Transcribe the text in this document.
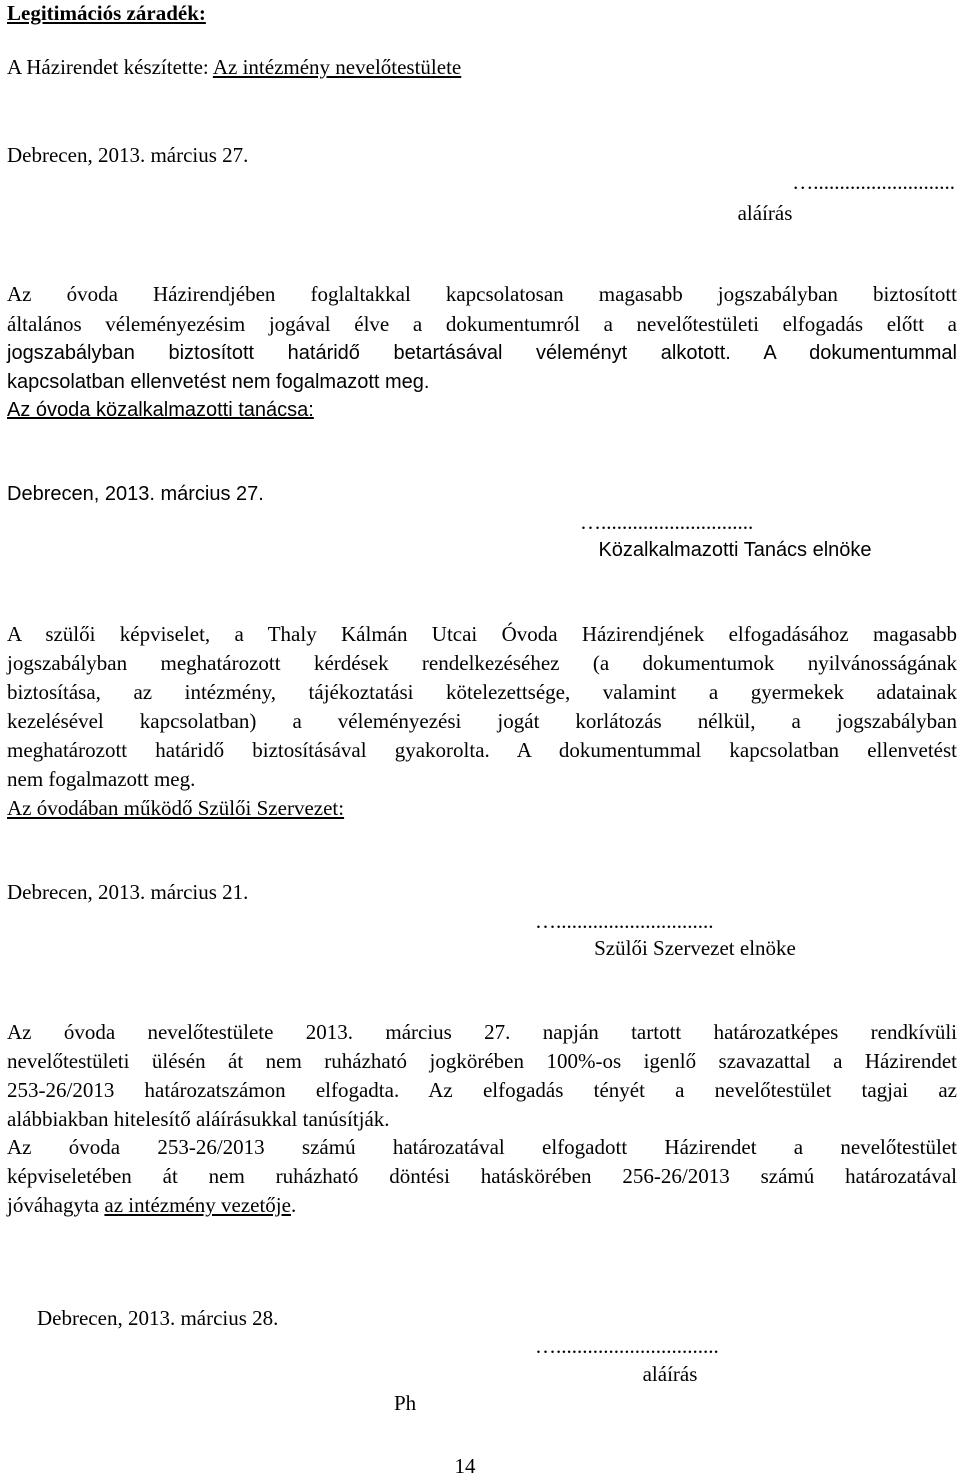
Legitimációs záradék:
A Házirendet készítette: Az intézmény nevelőtestülete
Debrecen, 2013. március 27.
…...........................
aláírás
Az óvoda Házirendjében foglaltakkal kapcsolatosan magasabb jogszabályban biztosított
általános véleményezésim jogával élve a dokumentumról a nevelőtestületi elfogadás előtt a
jogszabályban biztosított határidő betartásával véleményt alkotott. A dokumentummal
kapcsolatban ellenvetést nem fogalmazott meg.
Az óvoda közalkalmazotti tanácsa:
Debrecen, 2013. március 27.
….............................
Közalkalmazotti Tanács elnöke
A szülői képviselet, a Thaly Kálmán Utcai Óvoda Házirendjének elfogadásához magasabb
jogszabályban meghatározott kérdések rendelkezéséhez (a dokumentumok nyilvánosságának
biztosítása, az intézmény, tájékoztatási kötelezettsége, valamint a gyermekek adatainak
kezelésével kapcsolatban) a véleményezési jogát korlátozás nélkül, a jogszabályban
meghatározott határidő biztosításával gyakorolta. A dokumentummal kapcsolatban ellenvetést
nem fogalmazott meg.
Az óvodában működő Szülői Szervezet:
Debrecen, 2013. március 21.
…..............................
Szülői Szervezet elnöke
Az óvoda nevelőtestülete 2013. március 27. napján tartott határozatképes rendkívüli
nevelőtestületi ülésén át nem ruházható jogkörében 100%-os igenlő szavazattal a Házirendet
253-26/2013 határozatszámon elfogadta. Az elfogadás tényét a nevelőtestület tagjai az
alábbiakban hitelesítő aláírásukkal tanúsítják.
Az óvoda 253-26/2013 számú határozatával elfogadott Házirendet a nevelőtestület
képviseletében át nem ruházható döntési hatáskörében 256-26/2013 számú határozatával
jóváhagyta az intézmény vezetője.
Debrecen, 2013. március 28.
…...............................
aláírás
Ph
14
